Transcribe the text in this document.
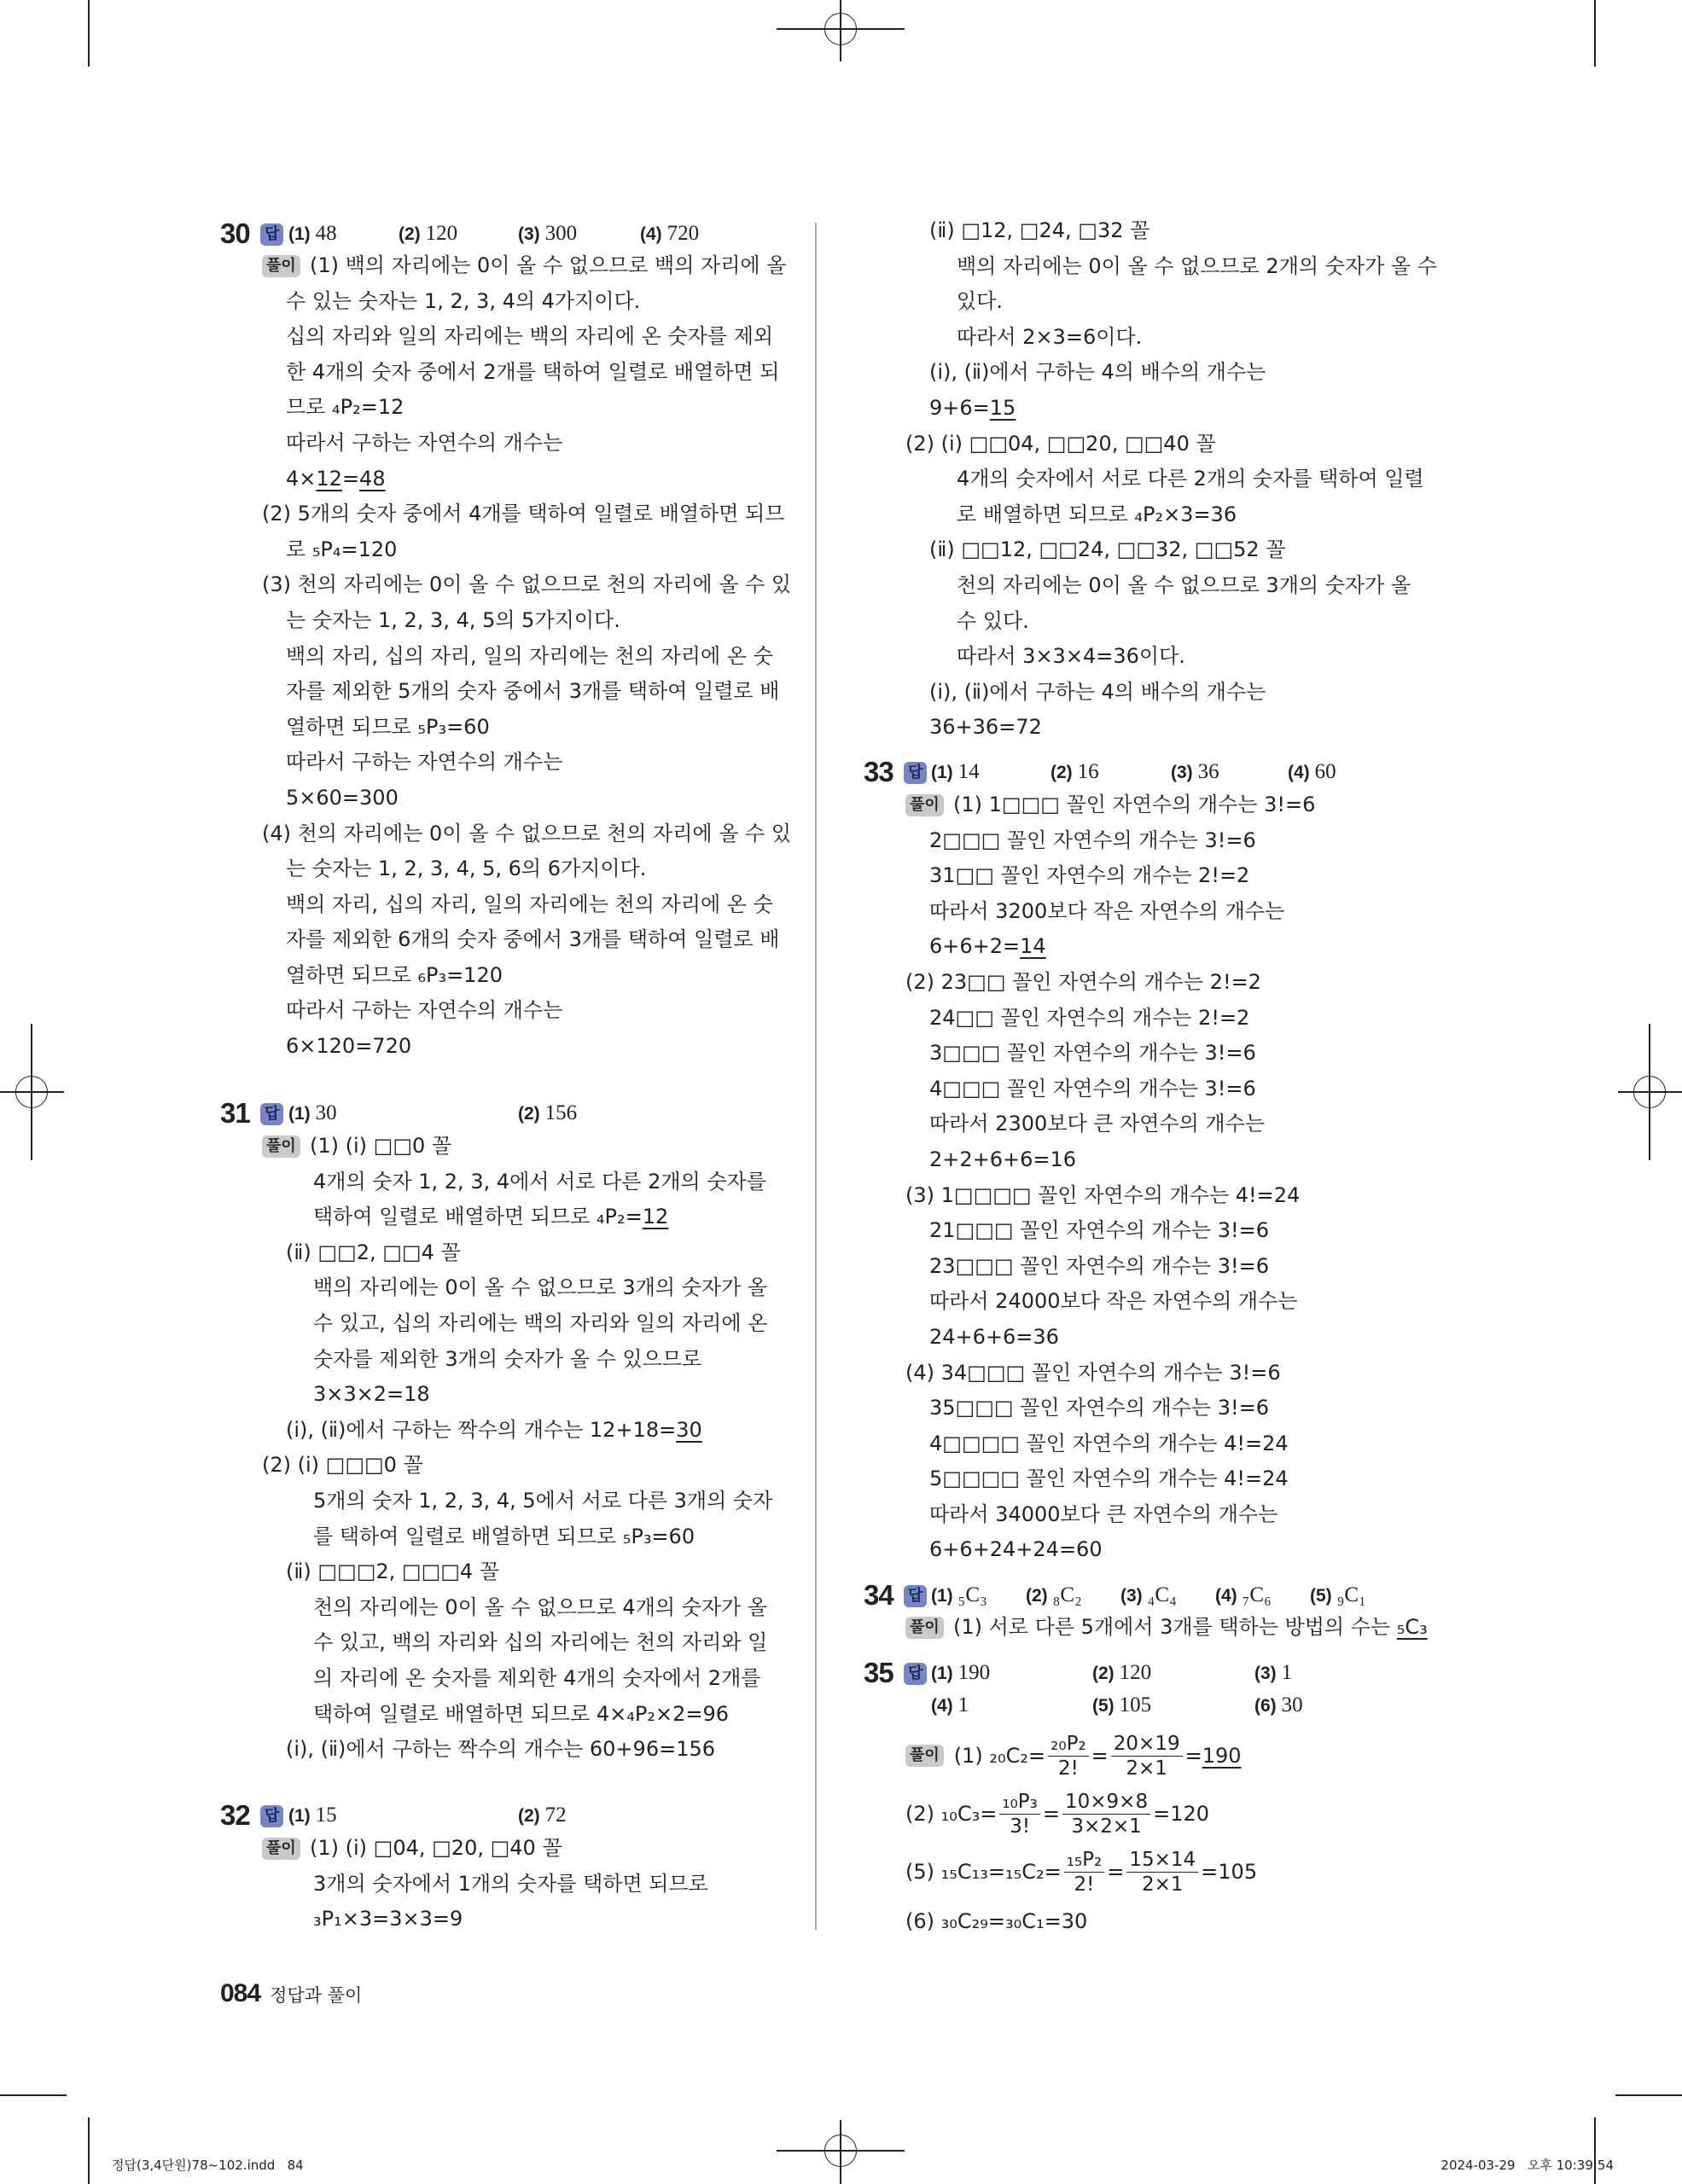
30 답 (1) 48	(2) 120	(3) 300	(4) 720
풀이 (1) 백의 자리에는 0이 올 수 없으므로 백의 자리에 올
수 있는 숫자는 1, 2, 3, 4의 4가지이다.
십의 자리와 일의 자리에는 백의 자리에 온 숫자를 제외
한 4개의 숫자 중에서 2개를 택하여 일렬로 배열하면 되
므로 ₄P₂=12
따라서 구하는 자연수의 개수는
4×12=48
(2) 5개의 숫자 중에서 4개를 택하여 일렬로 배열하면 되므
로 ₅P₄=120
(3) 천의 자리에는 0이 올 수 없으므로 천의 자리에 올 수 있
는 숫자는 1, 2, 3, 4, 5의 5가지이다.
백의 자리, 십의 자리, 일의 자리에는 천의 자리에 온 숫
자를 제외한 5개의 숫자 중에서 3개를 택하여 일렬로 배
열하면 되므로 ₅P₃=60
따라서 구하는 자연수의 개수는
5×60=300
(4) 천의 자리에는 0이 올 수 없으므로 천의 자리에 올 수 있
는 숫자는 1, 2, 3, 4, 5, 6의 6가지이다.
백의 자리, 십의 자리, 일의 자리에는 천의 자리에 온 숫
자를 제외한 6개의 숫자 중에서 3개를 택하여 일렬로 배
열하면 되므로 ₆P₃=120
따라서 구하는 자연수의 개수는
6×120=720
31 답 (1) 30	(2) 156
풀이 (1) (ⅰ) □□0 꼴
4개의 숫자 1, 2, 3, 4에서 서로 다른 2개의 숫자를
택하여 일렬로 배열하면 되므로 ₄P₂=12
(ⅱ) □□2, □□4 꼴
백의 자리에는 0이 올 수 없으므로 3개의 숫자가 올
수 있고, 십의 자리에는 백의 자리와 일의 자리에 온
숫자를 제외한 3개의 숫자가 올 수 있으므로
3×3×2=18
(ⅰ), (ⅱ)에서 구하는 짝수의 개수는 12+18=30
(2) (ⅰ) □□□0 꼴
5개의 숫자 1, 2, 3, 4, 5에서 서로 다른 3개의 숫자
를 택하여 일렬로 배열하면 되므로 ₅P₃=60
(ⅱ) □□□2, □□□4 꼴
천의 자리에는 0이 올 수 없으므로 4개의 숫자가 올
수 있고, 백의 자리와 십의 자리에는 천의 자리와 일
의 자리에 온 숫자를 제외한 4개의 숫자에서 2개를
택하여 일렬로 배열하면 되므로 4×₄P₂×2=96
(ⅰ), (ⅱ)에서 구하는 짝수의 개수는 60+96=156
32 답 (1) 15	(2) 72
풀이 (1) (ⅰ) □04, □20, □40 꼴
3개의 숫자에서 1개의 숫자를 택하면 되므로
₃P₁×3=3×3=9
(ⅱ) □12, □24, □32 꼴
백의 자리에는 0이 올 수 없으므로 2개의 숫자가 올 수
있다.
따라서 2×3=6이다.
(ⅰ), (ⅱ)에서 구하는 4의 배수의 개수는
9+6=15
(2) (ⅰ) □□04, □□20, □□40 꼴
4개의 숫자에서 서로 다른 2개의 숫자를 택하여 일렬
로 배열하면 되므로 ₄P₂×3=36
(ⅱ) □□12, □□24, □□32, □□52 꼴
천의 자리에는 0이 올 수 없으므로 3개의 숫자가 올
수 있다.
따라서 3×3×4=36이다.
(ⅰ), (ⅱ)에서 구하는 4의 배수의 개수는
36+36=72
33 답 (1) 14	(2) 16	(3) 36	(4) 60
풀이 (1) 1□□□ 꼴인 자연수의 개수는 3!=6
2□□□ 꼴인 자연수의 개수는 3!=6
31□□ 꼴인 자연수의 개수는 2!=2
따라서 3200보다 작은 자연수의 개수는
6+6+2=14
(2) 23□□ 꼴인 자연수의 개수는 2!=2
24□□ 꼴인 자연수의 개수는 2!=2
3□□□ 꼴인 자연수의 개수는 3!=6
4□□□ 꼴인 자연수의 개수는 3!=6
따라서 2300보다 큰 자연수의 개수는
2+2+6+6=16
(3) 1□□□□ 꼴인 자연수의 개수는 4!=24
21□□□ 꼴인 자연수의 개수는 3!=6
23□□□ 꼴인 자연수의 개수는 3!=6
따라서 24000보다 작은 자연수의 개수는
24+6+6=36
(4) 34□□□ 꼴인 자연수의 개수는 3!=6
35□□□ 꼴인 자연수의 개수는 3!=6
4□□□□ 꼴인 자연수의 개수는 4!=24
5□□□□ 꼴인 자연수의 개수는 4!=24
따라서 34000보다 큰 자연수의 개수는
6+6+24+24=60
34 답 (1) ₅C₃ (2) ₈C₂ (3) ₄C₄ (4) ₇C₆ (5) ₉C₁
풀이 (1) 서로 다른 5개에서 3개를 택하는 방법의 수는 ₅C₃
35 답 (1) 190	(2) 120	(3) 1
(4) 1	(5) 105	(6) 30
풀이 (1) $_{20}C_2= \frac{\text{₂₀P₂}}{2!} = \frac{20\times 19}{2\times 1} = 190$
(2) $_{10}C_3= \frac{\text{₁₀P₃}}{3!} = \frac{10\times 9\times 8}{3\times 2\times 1} =120$
(5) $_{15}C_{13}=_{15}C_2= \frac{\text{₁₅P₂}}{2!} = \frac{15\times 14}{2\times 1} =105$
(6) ₃₀C₂₉=₃₀C₁=30
084 정답과 풀이
정답(3,4단원)78~102.indd   84	2024-03-29   오후 10:39:54
